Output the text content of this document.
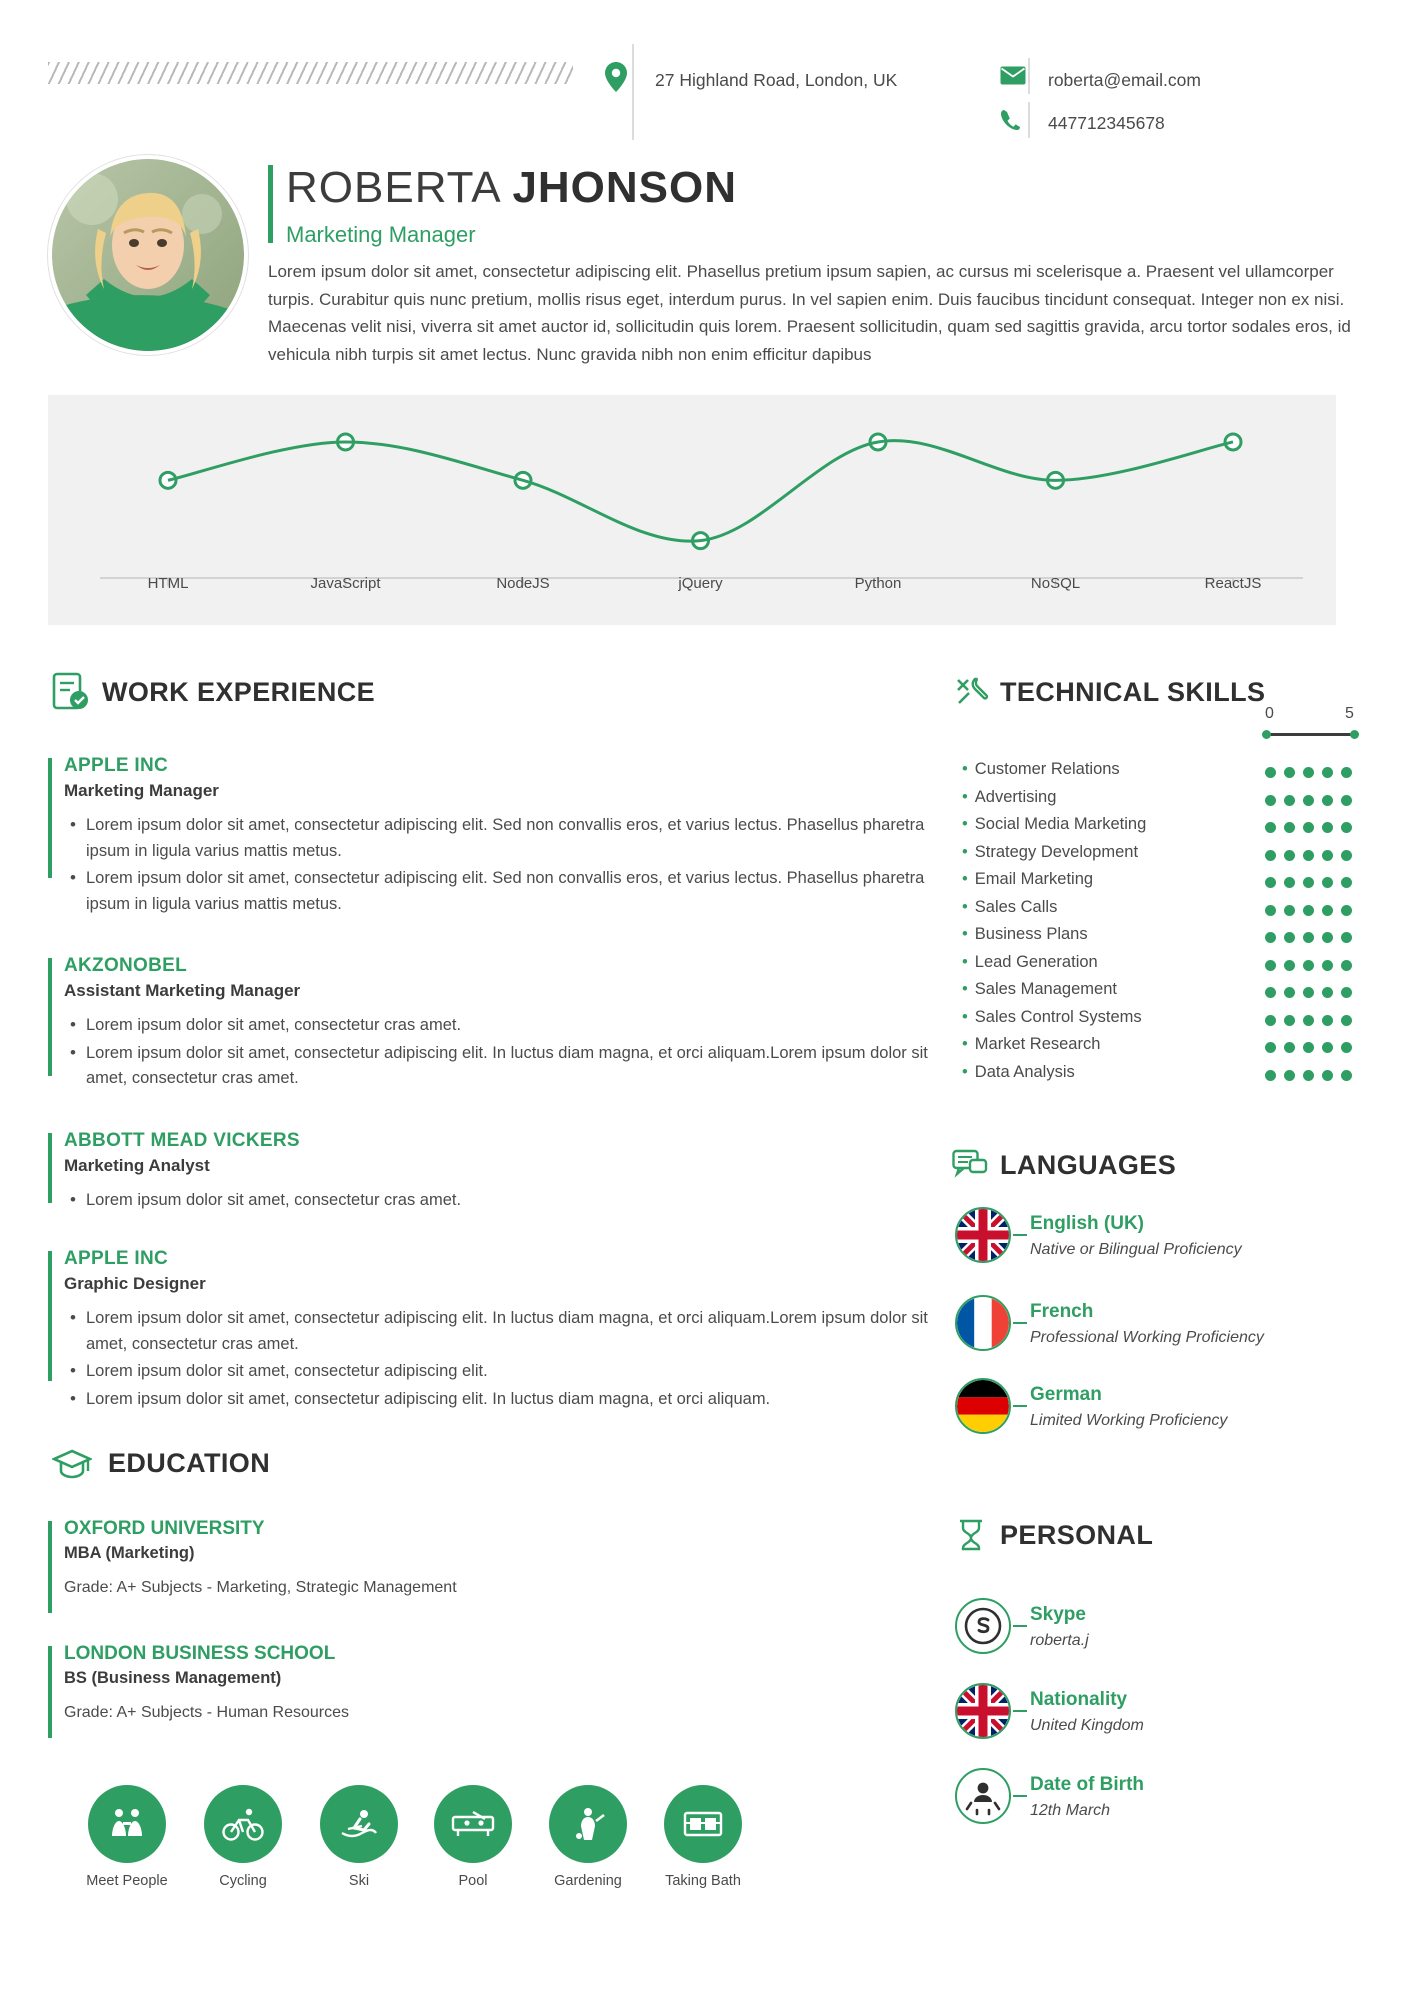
27 Highland Road, London, UK	roberta@email.com
447712345678
ROBERTA JHONSON
Marketing Manager
Lorem ipsum dolor sit amet, consectetur adipiscing elit. Phasellus pretium ipsum sapien, ac cursus mi scelerisque a. Praesent vel ullamcorper turpis. Curabitur quis nunc pretium, mollis risus eget, interdum purus. In vel sapien enim. Duis faucibus tincidunt consequat. Integer non ex nisi. Maecenas velit nisi, viverra sit amet auctor id, sollicitudin quis lorem. Praesent sollicitudin, quam sed sagittis gravida, arcu tortor sodales eros, id vehicula nibh turpis sit amet lectus. Nunc gravida nibh non enim efficitur dapibus
HTML	JavaScript	NodeJS	jQuery	Python	NoSQL	ReactJS
WORK EXPERIENCE
APPLE INC
Marketing Manager
• Lorem ipsum dolor sit amet, consectetur adipiscing elit. Sed non convallis eros, et varius lectus. Phasellus pharetra ipsum in ligula varius mattis metus.
• Lorem ipsum dolor sit amet, consectetur adipiscing elit. Sed non convallis eros, et varius lectus. Phasellus pharetra ipsum in ligula varius mattis metus.
AKZONOBEL
Assistant Marketing Manager
• Lorem ipsum dolor sit amet, consectetur cras amet.
• Lorem ipsum dolor sit amet, consectetur adipiscing elit. In luctus diam magna, et orci aliquam.Lorem ipsum dolor sit amet, consectetur cras amet.
ABBOTT MEAD VICKERS
Marketing Analyst
• Lorem ipsum dolor sit amet, consectetur cras amet.
APPLE INC
Graphic Designer
• Lorem ipsum dolor sit amet, consectetur adipiscing elit. In luctus diam magna, et orci aliquam.Lorem ipsum dolor sit amet, consectetur cras amet.
• Lorem ipsum dolor sit amet, consectetur adipiscing elit.
• Lorem ipsum dolor sit amet, consectetur adipiscing elit. In luctus diam magna, et orci aliquam.
EDUCATION
OXFORD UNIVERSITY
MBA (Marketing)
Grade: A+ Subjects - Marketing, Strategic Management
LONDON BUSINESS SCHOOL
BS (Business Management)
Grade: A+ Subjects - Human Resources
Meet People	Cycling	Ski	Pool	Gardening	Taking Bath
TECHNICAL SKILLS
0	5
• Customer Relations
• Advertising
• Social Media Marketing
• Strategy Development
• Email Marketing
• Sales Calls
• Business Plans
• Lead Generation
• Sales Management
• Sales Control Systems
• Market Research
• Data Analysis
LANGUAGES
English (UK)
Native or Bilingual Proficiency
French
Professional Working Proficiency
German
Limited Working Proficiency
PERSONAL
Skype
roberta.j
Nationality
United Kingdom
Date of Birth
12th March
